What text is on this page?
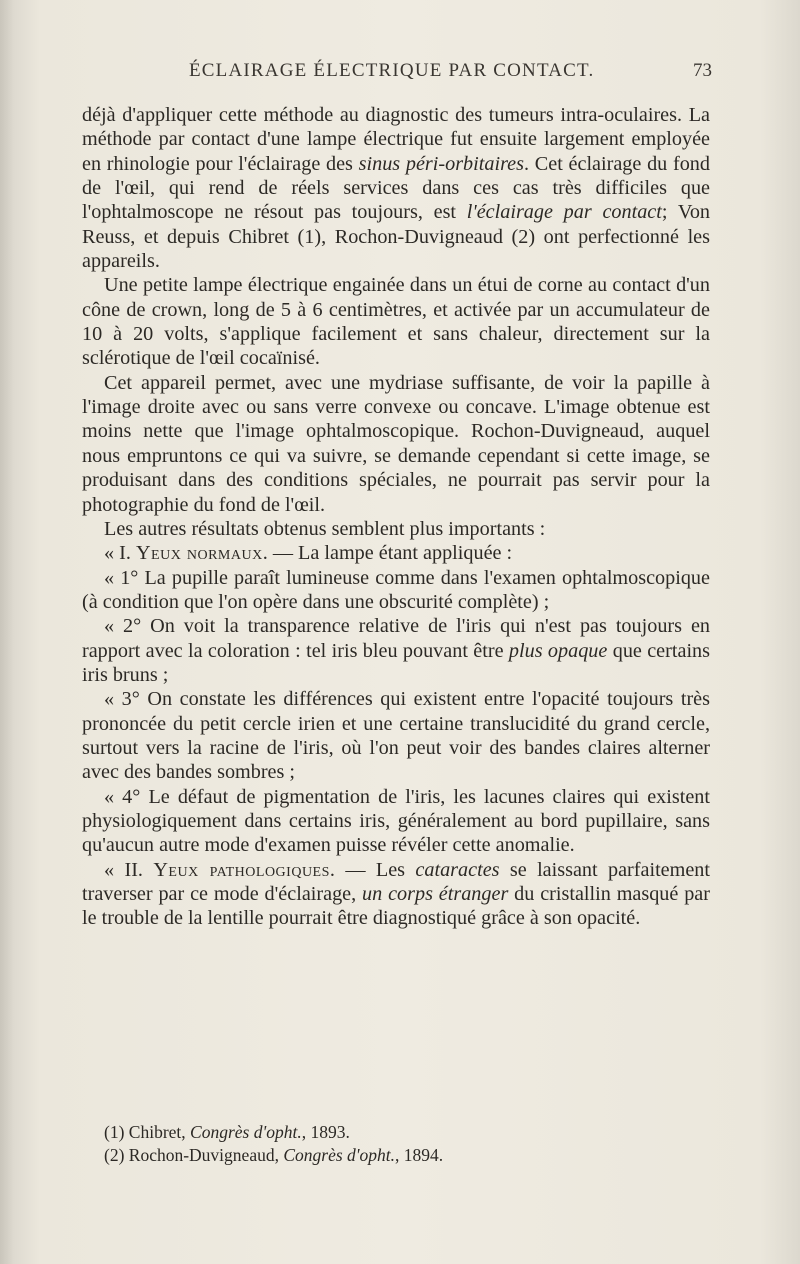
ÉCLAIRAGE ÉLECTRIQUE PAR CONTACT.	73

déjà d'appliquer cette méthode au diagnostic des tumeurs intra-oculaires. La méthode par contact d'une lampe électrique fut ensuite largement employée en rhinologie pour l'éclairage des sinus péri-orbitaires. Cet éclairage du fond de l'œil, qui rend de réels services dans ces cas très difficiles que l'ophtalmoscope ne résout pas toujours, est l'éclairage par contact; Von Reuss, et depuis Chibret (1), Rochon-Duvigneaud (2) ont perfectionné les appareils.

Une petite lampe électrique engainée dans un étui de corne au contact d'un cône de crown, long de 5 à 6 centimètres, et activée par un accumulateur de 10 à 20 volts, s'applique facilement et sans chaleur, directement sur la sclérotique de l'œil cocaïnisé.

Cet appareil permet, avec une mydriase suffisante, de voir la papille à l'image droite avec ou sans verre convexe ou concave. L'image obtenue est moins nette que l'image ophtalmoscopique. Rochon-Duvigneaud, auquel nous empruntons ce qui va suivre, se demande cependant si cette image, se produisant dans des conditions spéciales, ne pourrait pas servir pour la photographie du fond de l'œil.

Les autres résultats obtenus semblent plus importants :

« I. Yeux normaux. — La lampe étant appliquée :

« 1° La pupille paraît lumineuse comme dans l'examen ophtalmoscopique (à condition que l'on opère dans une obscurité complète) ;

« 2° On voit la transparence relative de l'iris qui n'est pas toujours en rapport avec la coloration : tel iris bleu pouvant être plus opaque que certains iris bruns ;

« 3° On constate les différences qui existent entre l'opacité toujours très prononcée du petit cercle irien et une certaine translucidité du grand cercle, surtout vers la racine de l'iris, où l'on peut voir des bandes claires alterner avec des bandes sombres ;

« 4° Le défaut de pigmentation de l'iris, les lacunes claires qui existent physiologiquement dans certains iris, généralement au bord pupillaire, sans qu'aucun autre mode d'examen puisse révéler cette anomalie.

« II. Yeux pathologiques. — Les cataractes se laissant parfaitement traverser par ce mode d'éclairage, un corps étranger du cristallin masqué par le trouble de la lentille pourrait être diagnostiqué grâce à son opacité.

(1) Chibret, Congrès d'opht., 1893.

(2) Rochon-Duvigneaud, Congrès d'opht., 1894.
